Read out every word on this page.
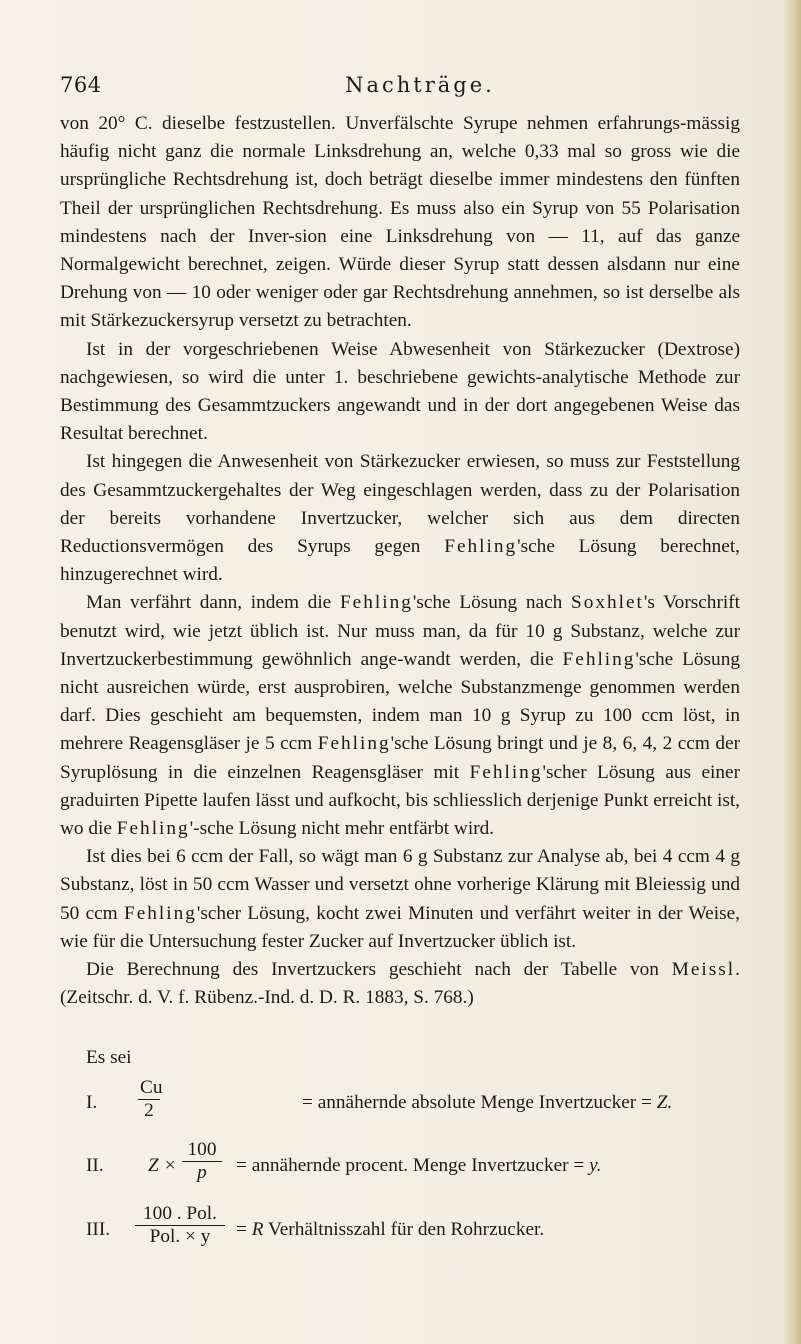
764	Nachträge.

von 20° C. dieselbe festzustellen. Unverfälschte Syrupe nehmen erfahrungs-mässig häufig nicht ganz die normale Linksdrehung an, welche 0,33 mal so gross wie die ursprüngliche Rechtsdrehung ist, doch beträgt dieselbe immer mindestens den fünften Theil der ursprünglichen Rechtsdrehung. Es muss also ein Syrup von 55 Polarisation mindestens nach der Inver-sion eine Linksdrehung von — 11, auf das ganze Normalgewicht berechnet, zeigen. Würde dieser Syrup statt dessen alsdann nur eine Drehung von — 10 oder weniger oder gar Rechtsdrehung annehmen, so ist derselbe als mit Stärkezuckersyrup versetzt zu betrachten.

Ist in der vorgeschriebenen Weise Abwesenheit von Stärkezucker (Dextrose) nachgewiesen, so wird die unter 1. beschriebene gewichts-analytische Methode zur Bestimmung des Gesammtzuckers angewandt und in der dort angegebenen Weise das Resultat berechnet.

Ist hingegen die Anwesenheit von Stärkezucker erwiesen, so muss zur Feststellung des Gesammtzuckergehaltes der Weg eingeschlagen werden, dass zu der Polarisation der bereits vorhandene Invertzucker, welcher sich aus dem directen Reductionsvermögen des Syrups gegen Fehling'sche Lösung berechnet, hinzugerechnet wird.

Man verfährt dann, indem die Fehling'sche Lösung nach Soxhlet's Vorschrift benutzt wird, wie jetzt üblich ist. Nur muss man, da für 10 g Substanz, welche zur Invertzuckerbestimmung gewöhnlich ange-wandt werden, die Fehling'sche Lösung nicht ausreichen würde, erst ausprobiren, welche Substanzmenge genommen werden darf. Dies geschieht am bequemsten, indem man 10 g Syrup zu 100 ccm löst, in mehrere Reagensgläser je 5 ccm Fehling'sche Lösung bringt und je 8, 6, 4, 2 ccm der Syruplösung in die einzelnen Reagensgläser mit Fehling'scher Lösung aus einer graduirten Pipette laufen lässt und aufkocht, bis schliesslich derjenige Punkt erreicht ist, wo die Fehling'-sche Lösung nicht mehr entfärbt wird.

Ist dies bei 6 ccm der Fall, so wägt man 6 g Substanz zur Analyse ab, bei 4 ccm 4 g Substanz, löst in 50 ccm Wasser und versetzt ohne vorherige Klärung mit Bleiessig und 50 ccm Fehling'scher Lösung, kocht zwei Minuten und verfährt weiter in der Weise, wie für die Untersuchung fester Zucker auf Invertzucker üblich ist.

Die Berechnung des Invertzuckers geschieht nach der Tabelle von Meissl. (Zeitschr. d. V. f. Rübenz.-Ind. d. D. R. 1883, S. 768.)

Es sei
I. $\frac{Cu}{2}$	= annähernde absolute Menge Invertzucker = Z.
II. $Z \times \frac{100}{p}$ = annähernde procent. Menge Invertzucker = y.
III.
100 . Pol.
Pol. × y	= R Verhältnisszahl für den Rohrzucker.
